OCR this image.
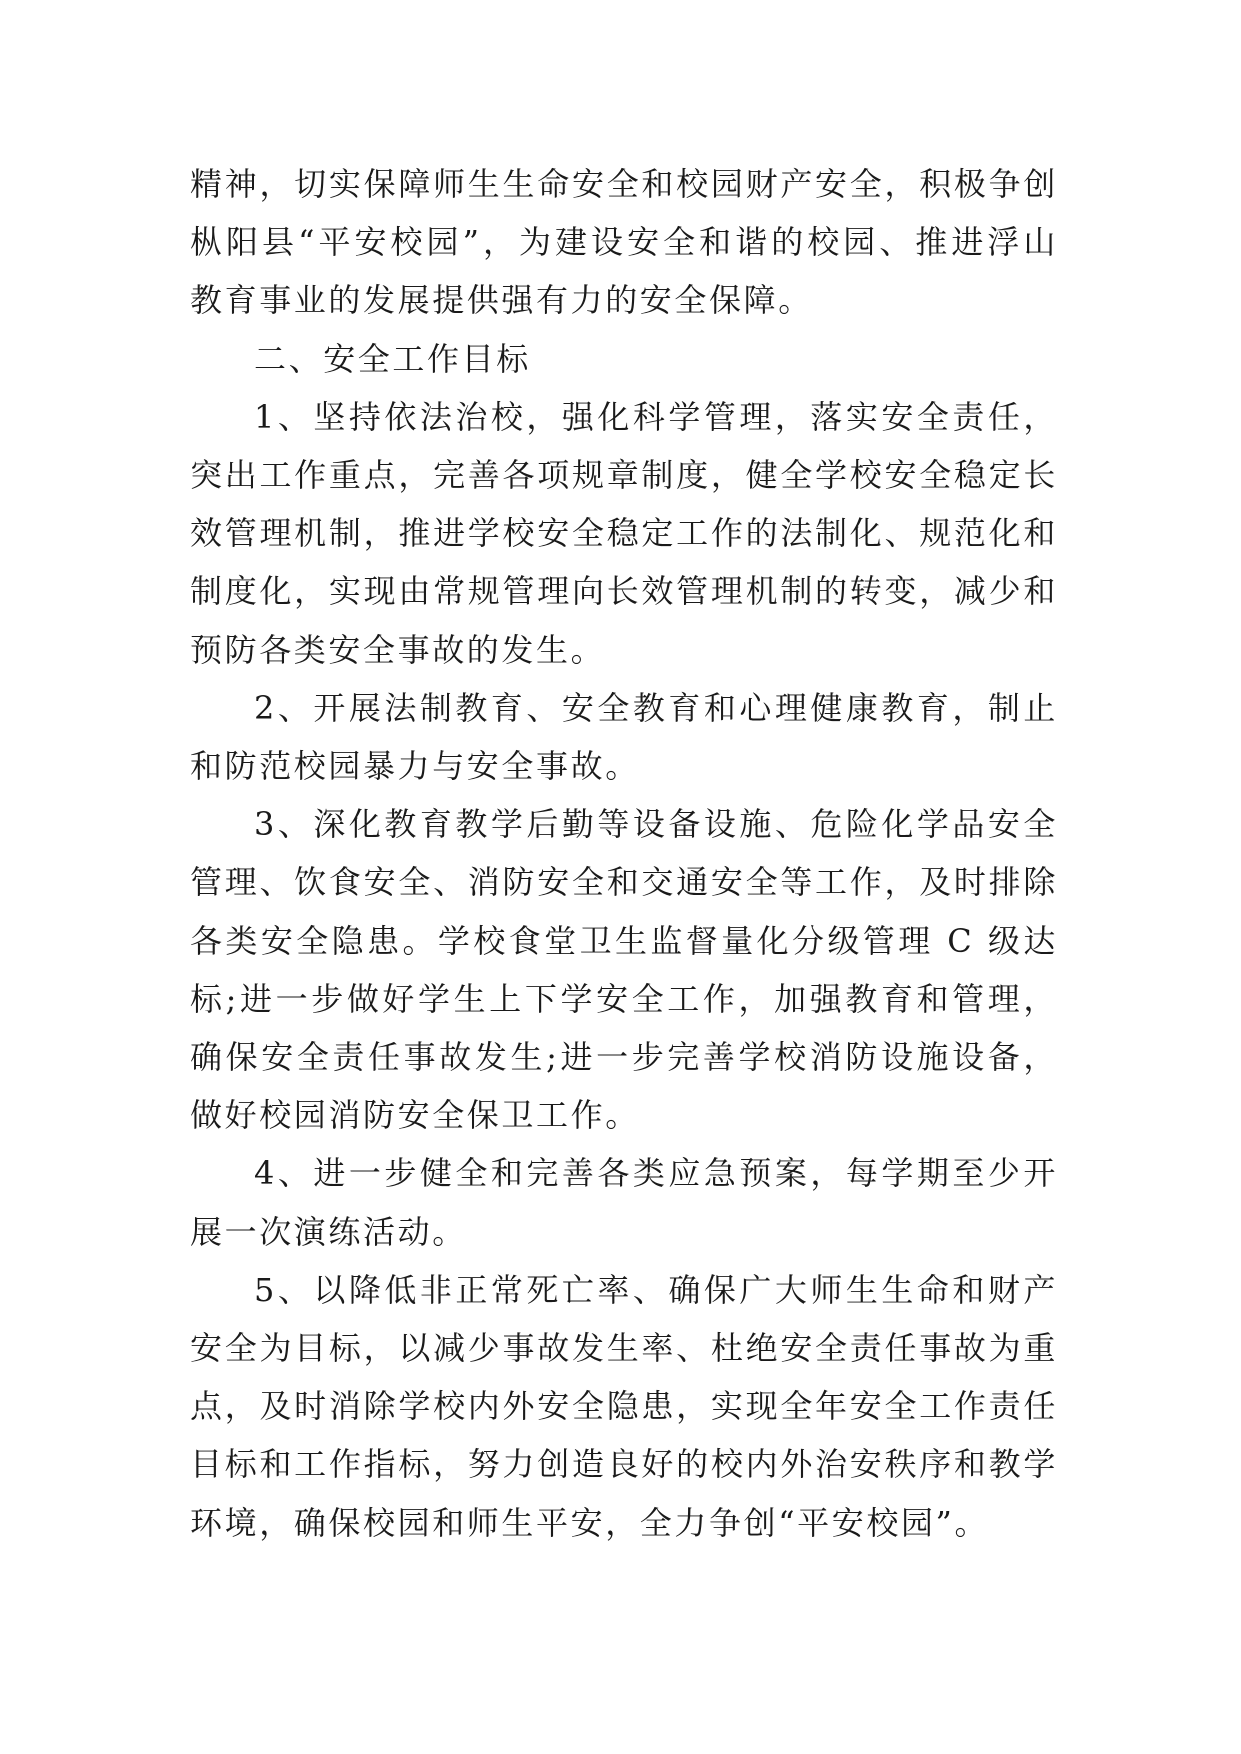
精神，切实保障师生生命安全和校园财产安全，积极争创枞阳县“平安校园”，为建设安全和谐的校园、推进浮山教育事业的发展提供强有力的安全保障。

二、安全工作目标

1、坚持依法治校，强化科学管理，落实安全责任，突出工作重点，完善各项规章制度，健全学校安全稳定长效管理机制，推进学校安全稳定工作的法制化、规范化和制度化，实现由常规管理向长效管理机制的转变，减少和预防各类安全事故的发生。

2、开展法制教育、安全教育和心理健康教育，制止和防范校园暴力与安全事故。

3、深化教育教学后勤等设备设施、危险化学品安全管理、饮食安全、消防安全和交通安全等工作，及时排除各类安全隐患。学校食堂卫生监督量化分级管理 C 级达标;进一步做好学生上下学安全工作，加强教育和管理，确保安全责任事故发生;进一步完善学校消防设施设备，做好校园消防安全保卫工作。

4、进一步健全和完善各类应急预案，每学期至少开展一次演练活动。

5、以降低非正常死亡率、确保广大师生生命和财产安全为目标，以减少事故发生率、杜绝安全责任事故为重点，及时消除学校内外安全隐患，实现全年安全工作责任目标和工作指标，努力创造良好的校内外治安秩序和教学环境，确保校园和师生平安，全力争创“平安校园”。
